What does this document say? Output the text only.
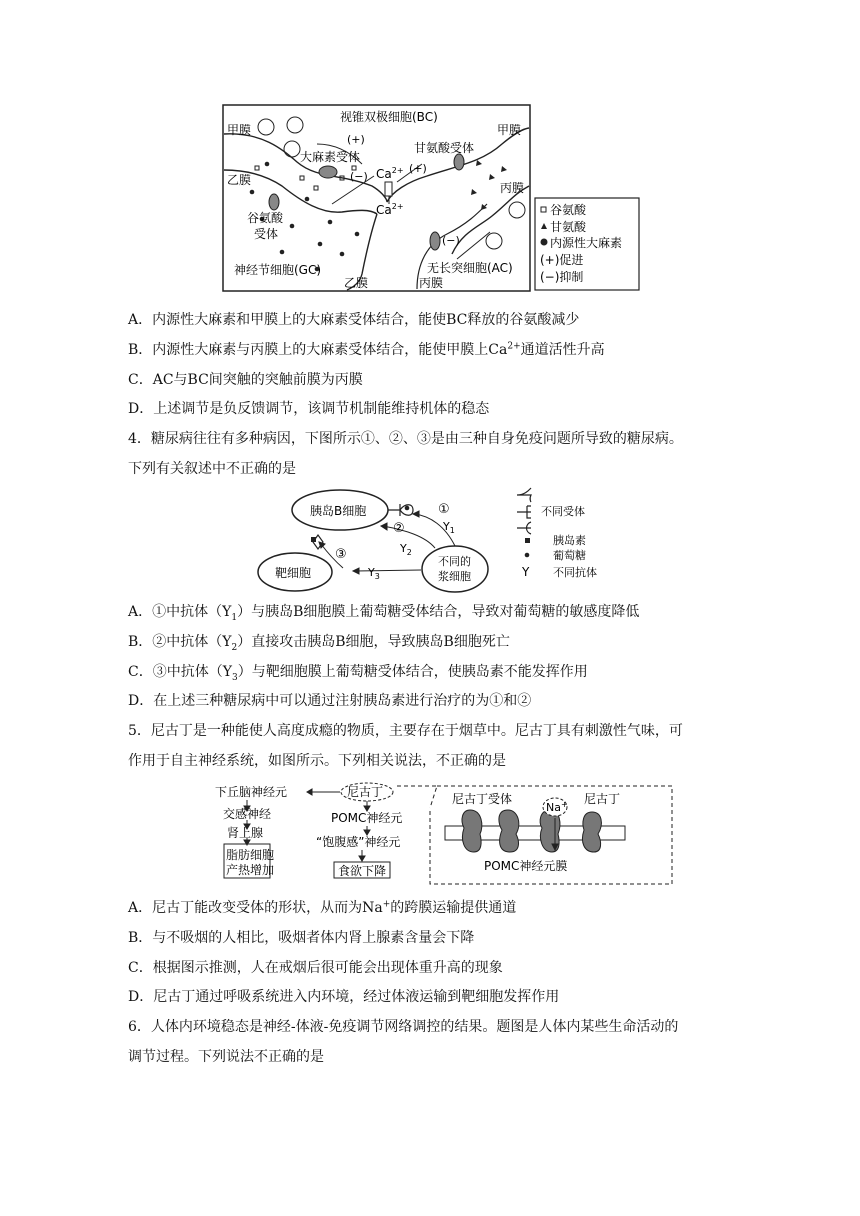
视锥双极细胞(BC)
甲膜	甲膜
(+)
甘氨酸受体
大麻素受体
(+)
(−) $Ca^{2+}$
乙膜
丙膜
$Ca^{2+}$
谷氨酸
受体	(−)
神经节细胞(GC)	无长突细胞(AC)
乙膜	丙膜
谷氨酸
甘氨酸
内源性大麻素
(+)促进
(−)抑制
A．内源性大麻素和甲膜上的大麻素受体结合，能使BC释放的谷氨酸减少
B．内源性大麻素与丙膜上的大麻素受体结合，能使甲膜上$Ca^{2+}$通道活性升高
C．AC与BC间突触的突触前膜为丙膜
D．上述调节是负反馈调节，该调节机制能维持机体的稳态
4．糖尿病往往有多种病因，下图所示①、②、③是由三种自身免疫问题所导致的糖尿病。
下列有关叙述中不正确的是
胰岛B细胞
靶细胞
不同的
浆细胞
①
②
③
$Y_1$
$Y_2$
$Y_3$
不同受体
胰岛素
葡萄糖
Y 不同抗体
A．①中抗体$(Y_1)$与胰岛B细胞膜上葡萄糖受体结合，导致对葡萄糖的敏感度降低
B．②中抗体$(Y_2)$直接攻击胰岛B细胞，导致胰岛B细胞死亡
C．③中抗体$(Y_3)$与靶细胞膜上葡萄糖受体结合，使胰岛素不能发挥作用
D．在上述三种糖尿病中可以通过注射胰岛素进行治疗的为①和②
5．尼古丁是一种能使人高度成瘾的物质，主要存在于烟草中。尼古丁具有刺激性气味，可
作用于自主神经系统，如图所示。下列相关说法，不正确的是
下丘脑神经元	尼古丁
交感神经
肾上腺
POMC神经元
“饱腹感”神经元
脂肪细胞
产热增加	食欲下降
尼古丁受体
Na+ 尼古丁
POMC神经元膜
A．尼古丁能改变受体的形状，从而为Na+的跨膜运输提供通道
B．与不吸烟的人相比，吸烟者体内肾上腺素含量会下降
C．根据图示推测，人在戒烟后很可能会出现体重升高的现象
D．尼古丁通过呼吸系统进入内环境，经过体液运输到靶细胞发挥作用
6．人体内环境稳态是神经-体液-免疫调节网络调控的结果。题图是人体内某些生命活动的
调节过程。下列说法不正确的是
